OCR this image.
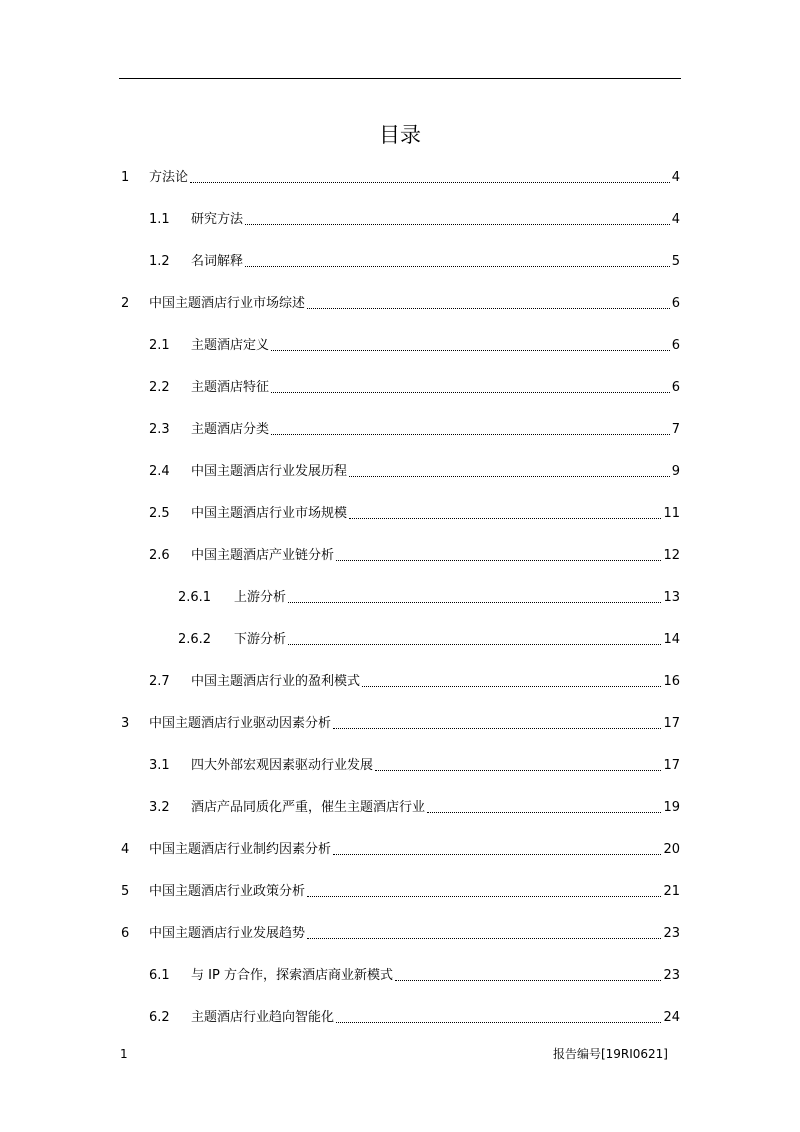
目录
1	方法论	4
1.1	研究方法	4
1.2	名词解释	5
2	中国主题酒店行业市场综述	6
2.1	主题酒店定义	6
2.2	主题酒店特征	6
2.3	主题酒店分类	7
2.4	中国主题酒店行业发展历程	9
2.5	中国主题酒店行业市场规模	11
2.6	中国主题酒店产业链分析	12
2.6.1	上游分析	13
2.6.2	下游分析	14
2.7	中国主题酒店行业的盈利模式	16
3	中国主题酒店行业驱动因素分析	17
3.1	四大外部宏观因素驱动行业发展	17
3.2	酒店产品同质化严重，催生主题酒店行业	19
4	中国主题酒店行业制约因素分析	20
5	中国主题酒店行业政策分析	21
6	中国主题酒店行业发展趋势	23
6.1	与 IP 方合作，探索酒店商业新模式	23
6.2	主题酒店行业趋向智能化	24
1	报告编号[19RI0621]
